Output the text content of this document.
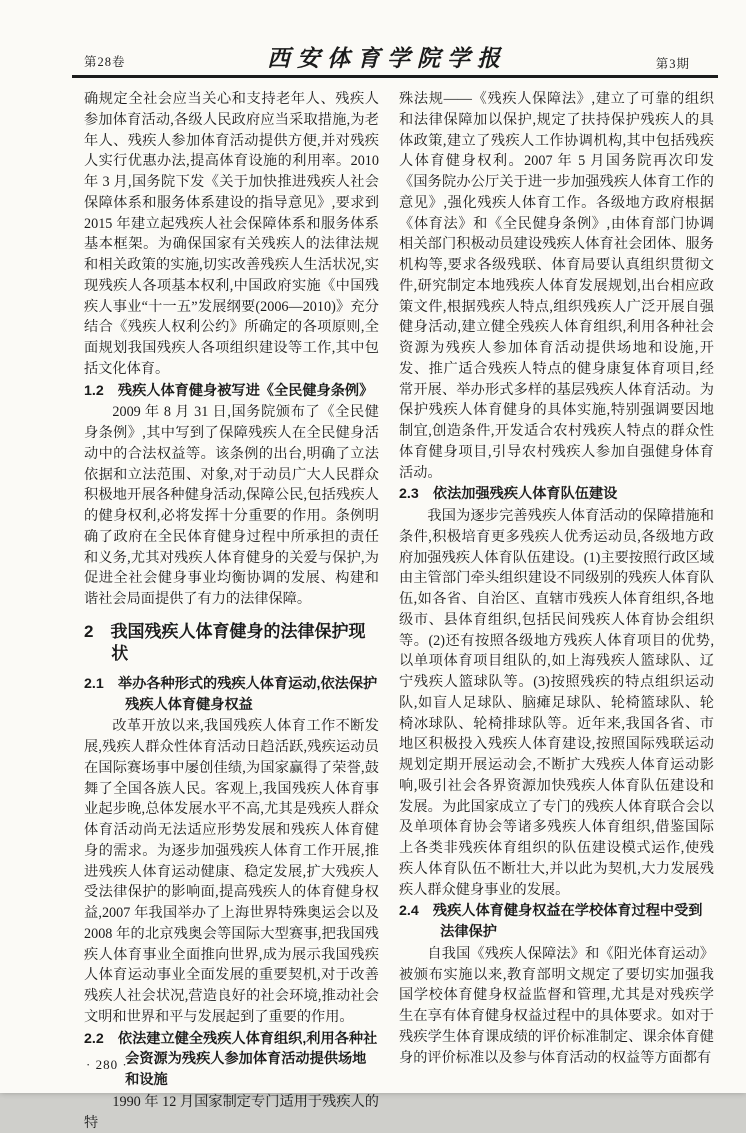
第28卷	西安体育学院学报	第3期

确规定全社会应当关心和支持老年人、残疾人参加体育活动,各级人民政府应当采取措施,为老年人、残疾人参加体育活动提供方便,并对残疾人实行优惠办法,提高体育设施的利用率。2010 年 3 月,国务院下发《关于加快推进残疾人社会保障体系和服务体系建设的指导意见》,要求到 2015 年建立起残疾人社会保障体系和服务体系基本框架。为确保国家有关残疾人的法律法规和相关政策的实施,切实改善残疾人生活状况,实现残疾人各项基本权利,中国政府实施《中国残疾人事业“十一五”发展纲要(2006—2010)》充分结合《残疾人权利公约》所确定的各项原则,全面规划我国残疾人各项组织建设等工作,其中包括文化体育。

1.2　残疾人体育健身被写进《全民健身条例》

2009 年 8 月 31 日,国务院颁布了《全民健身条例》,其中写到了保障残疾人在全民健身活动中的合法权益等。该条例的出台,明确了立法依据和立法范围、对象,对于动员广大人民群众积极地开展各种健身活动,保障公民,包括残疾人的健身权利,必将发挥十分重要的作用。条例明确了政府在全民体育健身过程中所承担的责任和义务,尤其对残疾人体育健身的关爱与保护,为促进全社会健身事业均衡协调的发展、构建和谐社会局面提供了有力的法律保障。

2　我国残疾人体育健身的法律保护现状
2.1　举办各种形式的残疾人体育运动,依法保护残疾人体育健身权益

改革开放以来,我国残疾人体育工作不断发展,残疾人群众性体育活动日趋活跃,残疾运动员在国际赛场事中屡创佳绩,为国家赢得了荣誉,鼓舞了全国各族人民。客观上,我国残疾人体育事业起步晚,总体发展水平不高,尤其是残疾人群众体育活动尚无法适应形势发展和残疾人体育健身的需求。为逐步加强残疾人体育工作开展,推进残疾人体育运动健康、稳定发展,扩大残疾人受法律保护的影响面,提高残疾人的体育健身权益,2007 年我国举办了上海世界特殊奥运会以及 2008 年的北京残奥会等国际大型赛事,把我国残疾人体育事业全面推向世界,成为展示我国残疾人体育运动事业全面发展的重要契机,对于改善残疾人社会状况,营造良好的社会环境,推动社会文明和世界和平与发展起到了重要的作用。

2.2　依法建立健全残疾人体育组织,利用各种社会资源为残疾人参加体育活动提供场地和设施

1990 年 12 月国家制定专门适用于残疾人的特

殊法规——《残疾人保障法》,建立了可靠的组织和法律保障加以保护,规定了扶持保护残疾人的具体政策,建立了残疾人工作协调机构,其中包括残疾人体育健身权利。2007 年 5 月国务院再次印发《国务院办公厅关于进一步加强残疾人体育工作的意见》,强化残疾人体育工作。各级地方政府根据《体育法》和《全民健身条例》,由体育部门协调相关部门积极动员建设残疾人体育社会团体、服务机构等,要求各级残联、体育局要认真组织贯彻文件,研究制定本地残疾人体育发展规划,出台相应政策文件,根据残疾人特点,组织残疾人广泛开展自强健身活动,建立健全残疾人体育组织,利用各种社会资源为残疾人参加体育活动提供场地和设施,开发、推广适合残疾人特点的健身康复体育项目,经常开展、举办形式多样的基层残疾人体育活动。为保护残疾人体育健身的具体实施,特别强调要因地制宜,创造条件,开发适合农村残疾人特点的群众性体育健身项目,引导农村残疾人参加自强健身体育活动。

2.3　依法加强残疾人体育队伍建设

我国为逐步完善残疾人体育活动的保障措施和条件,积极培育更多残疾人优秀运动员,各级地方政府加强残疾人体育队伍建设。(1)主要按照行政区域由主管部门牵头组织建设不同级别的残疾人体育队伍,如各省、自治区、直辖市残疾人体育组织,各地级市、县体育组织,包括民间残疾人体育协会组织等。(2)还有按照各级地方残疾人体育项目的优势,以单项体育项目组队的,如上海残疾人篮球队、辽宁残疾人篮球队等。(3)按照残疾的特点组织运动队,如盲人足球队、脑瘫足球队、轮椅篮球队、轮椅冰球队、轮椅排球队等。近年来,我国各省、市地区积极投入残疾人体育建设,按照国际残联运动规划定期开展运动会,不断扩大残疾人体育运动影响,吸引社会各界资源加快残疾人体育队伍建设和发展。为此国家成立了专门的残疾人体育联合会以及单项体育协会等诸多残疾人体育组织,借鉴国际上各类非残疾体育组织的队伍建设模式运作,使残疾人体育队伍不断壮大,并以此为契机,大力发展残疾人群众健身事业的发展。

2.4　残疾人体育健身权益在学校体育过程中受到法律保护

自我国《残疾人保障法》和《阳光体育运动》被颁布实施以来,教育部明文规定了要切实加强我国学校体育健身权益监督和管理,尤其是对残疾学生在享有体育健身权益过程中的具体要求。如对于残疾学生体育课成绩的评价标准制定、课余体育健身的评价标准以及参与体育活动的权益等方面都有

· 280 ·
